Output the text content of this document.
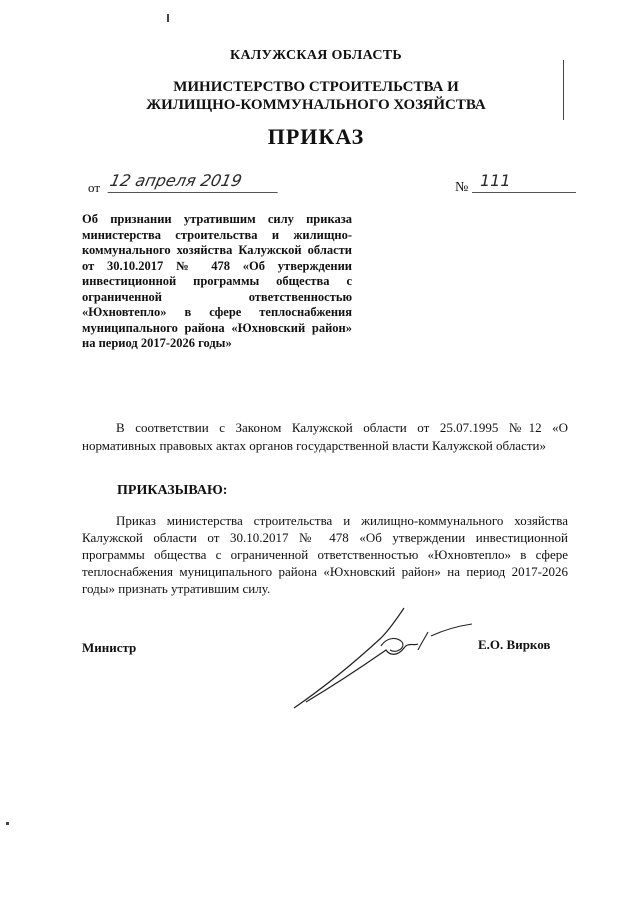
КАЛУЖСКАЯ ОБЛАСТЬ
МИНИСТЕРСТВО СТРОИТЕЛЬСТВА И
ЖИЛИЩНО-КОММУНАЛЬНОГО ХОЗЯЙСТВА
ПРИКАЗ
от 12 апреля 2019	№ 111
Об признании утратившим силу приказа министерства строительства и жилищно-коммунального хозяйства Калужской области от 30.10.2017 № 478 «Об утверждении инвестиционной программы общества с ограниченной ответственностью «Юхновтепло» в сфере теплоснабжения муниципального района «Юхновский район» на период 2017-2026 годы»
В соответствии с Законом Калужской области от 25.07.1995 №12 «О нормативных правовых актах органов государственной власти Калужской области»
ПРИКАЗЫВАЮ:
Приказ министерства строительства и жилищно-коммунального хозяйства Калужской области от 30.10.2017 № 478 «Об утверждении инвестиционной программы общества с ограниченной ответственностью «Юхновтепло» в сфере теплоснабжения муниципального района «Юхновский район» на период 2017-2026 годы» признать утратившим силу.
Министр	Е.О. Вирков
